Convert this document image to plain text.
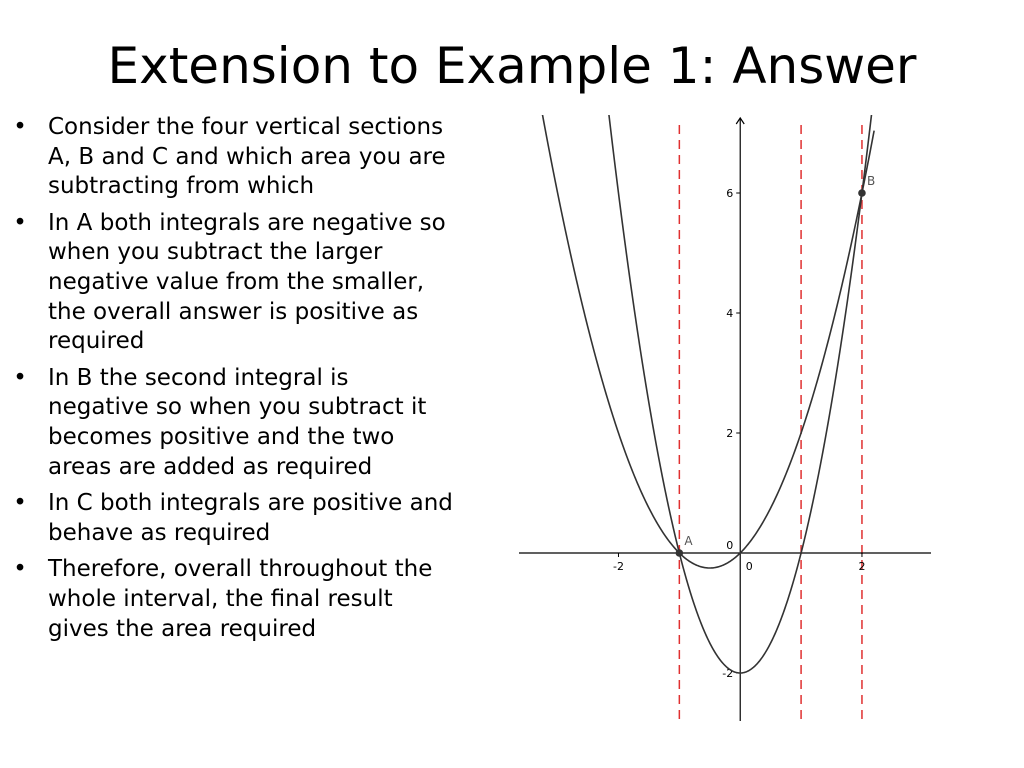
Extension to Example 1: Answer
• Consider the four vertical sections A, B and C and which area you are subtracting from which
• In A both integrals are negative so when you subtract the larger negative value from the smaller, the overall answer is positive as required
• In B the second integral is negative so when you subtract it becomes positive and the two areas are added as required
• In C both integrals are positive and behave as required
• Therefore, overall throughout the whole interval, the final result gives the area required
-2	0	2
-2
0
2
4
6
A
B
